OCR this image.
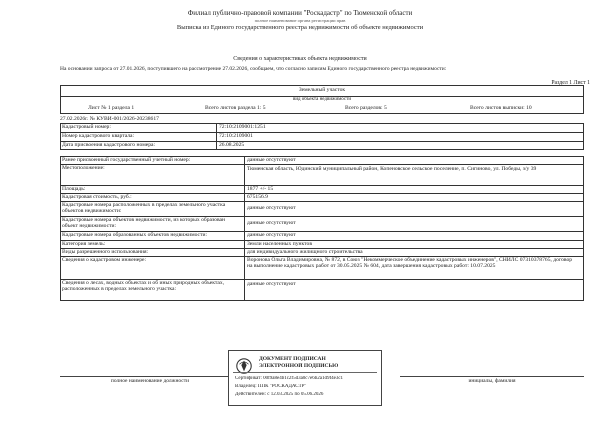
Филиал публично-правовой компании "Роскадастр" по Тюменской области
полное наименование органа регистрации прав
Выписка из Единого государственного реестра недвижимости об объекте недвижимости
Сведения о характеристиках объекта недвижимости
На основании запроса от 27.01.2026, поступившего на рассмотрение 27.02.2026, сообщаем, что согласно записям Единого государственного реестра недвижимости:
Раздел 1 Лист 1
Земельный участок
вид объекта недвижимости
Лист № 1 раздела 1	Всего листов раздела 1: 5	Всего разделов: 5	Всего листов выписки: 10
27.02.2026г. № КУВИ-001/2026-20238617
Кадастровый номер:	72:10:2109001:1251
Номер кадастрового квартала:	72:10:2109001
Дата присвоения кадастрового номера:	26.08.2025
Ранее присвоенный государственный учетный номер:	данные отсутствуют
Местоположение:	Тюменская область, Юдинский муниципальный район, Копеновское сельское поселение, п. Сигиново, ул. Победы, з/у 39
Площадь:	1877 +/- 15
Кадастровая стоимость, руб.:	675156.9
Кадастровые номера расположенных в пределах земельного участка объектов недвижимости:
данные отсутствуют
Кадастровые номера объектов недвижимости, из которых образован объект недвижимости:
данные отсутствуют
Кадастровые номера образованных объектов недвижимости:	данные отсутствуют
Категория земель:	Земли населенных пунктов
Виды разрешенного использования:	для индивидуального жилищного строительства
Сведения о кадастровом инженере:	Воронова Ольга Владимировна, № 872, в Союз "Некоммерческое объединение кадастровых инженеров", СНИЛС 07310378765, договор на выполнение кадастровых работ от 30.05.2025 № 604, дата завершения кадастровых работ: 10.07.2025
Сведения о лесах, водных объектах и об иных природных объектах, расположенных в пределах земельного участка:
данные отсутствуют
полное наименование должности	инициалы, фамилия
ДОКУМЕНТ ПОДПИСАН
ЭЛЕКТРОННОЙ ПОДПИСЬЮ
Сертификат: 00f9a8e4b1c2f5d3a0c7e6b2a1d9f4e3c1
Владелец: ППК "РОСКАДАСТР"
Действителен: с 12.03.2025 по 05.06.2026
